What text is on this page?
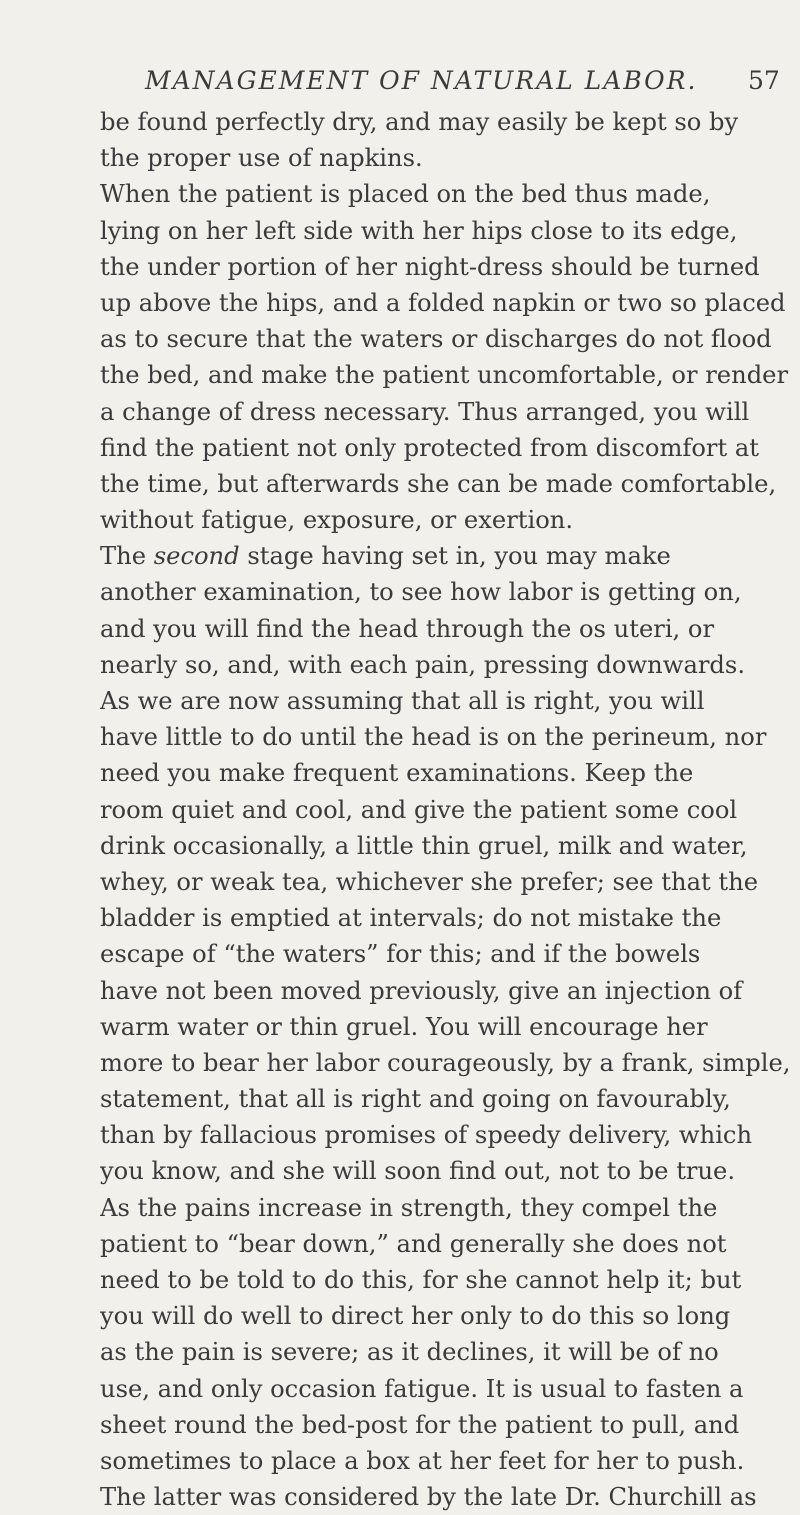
MANAGEMENT OF NATURAL LABOR. 57
be found perfectly dry, and may easily be kept so by
the proper use of napkins.
When the patient is placed on the bed thus made,
lying on her left side with her hips close to its edge,
the under portion of her night-dress should be turned
up above the hips, and a folded napkin or two so placed
as to secure that the waters or discharges do not flood
the bed, and make the patient uncomfortable, or render
a change of dress necessary. Thus arranged, you will
find the patient not only protected from discomfort at
the time, but afterwards she can be made comfortable,
without fatigue, exposure, or exertion.
The second stage having set in, you may make
another examination, to see how labor is getting on,
and you will find the head through the os uteri, or
nearly so, and, with each pain, pressing downwards.
As we are now assuming that all is right, you will
have little to do until the head is on the perineum, nor
need you make frequent examinations. Keep the
room quiet and cool, and give the patient some cool
drink occasionally, a little thin gruel, milk and water,
whey, or weak tea, whichever she prefer; see that the
bladder is emptied at intervals; do not mistake the
escape of “the waters” for this; and if the bowels
have not been moved previously, give an injection of
warm water or thin gruel. You will encourage her
more to bear her labor courageously, by a frank, simple,
statement, that all is right and going on favourably,
than by fallacious promises of speedy delivery, which
you know, and she will soon find out, not to be true.
As the pains increase in strength, they compel the
patient to “bear down,” and generally she does not
need to be told to do this, for she cannot help it; but
you will do well to direct her only to do this so long
as the pain is severe; as it declines, it will be of no
use, and only occasion fatigue. It is usual to fasten a
sheet round the bed-post for the patient to pull, and
sometimes to place a box at her feet for her to push.
The latter was considered by the late Dr. Churchill as
